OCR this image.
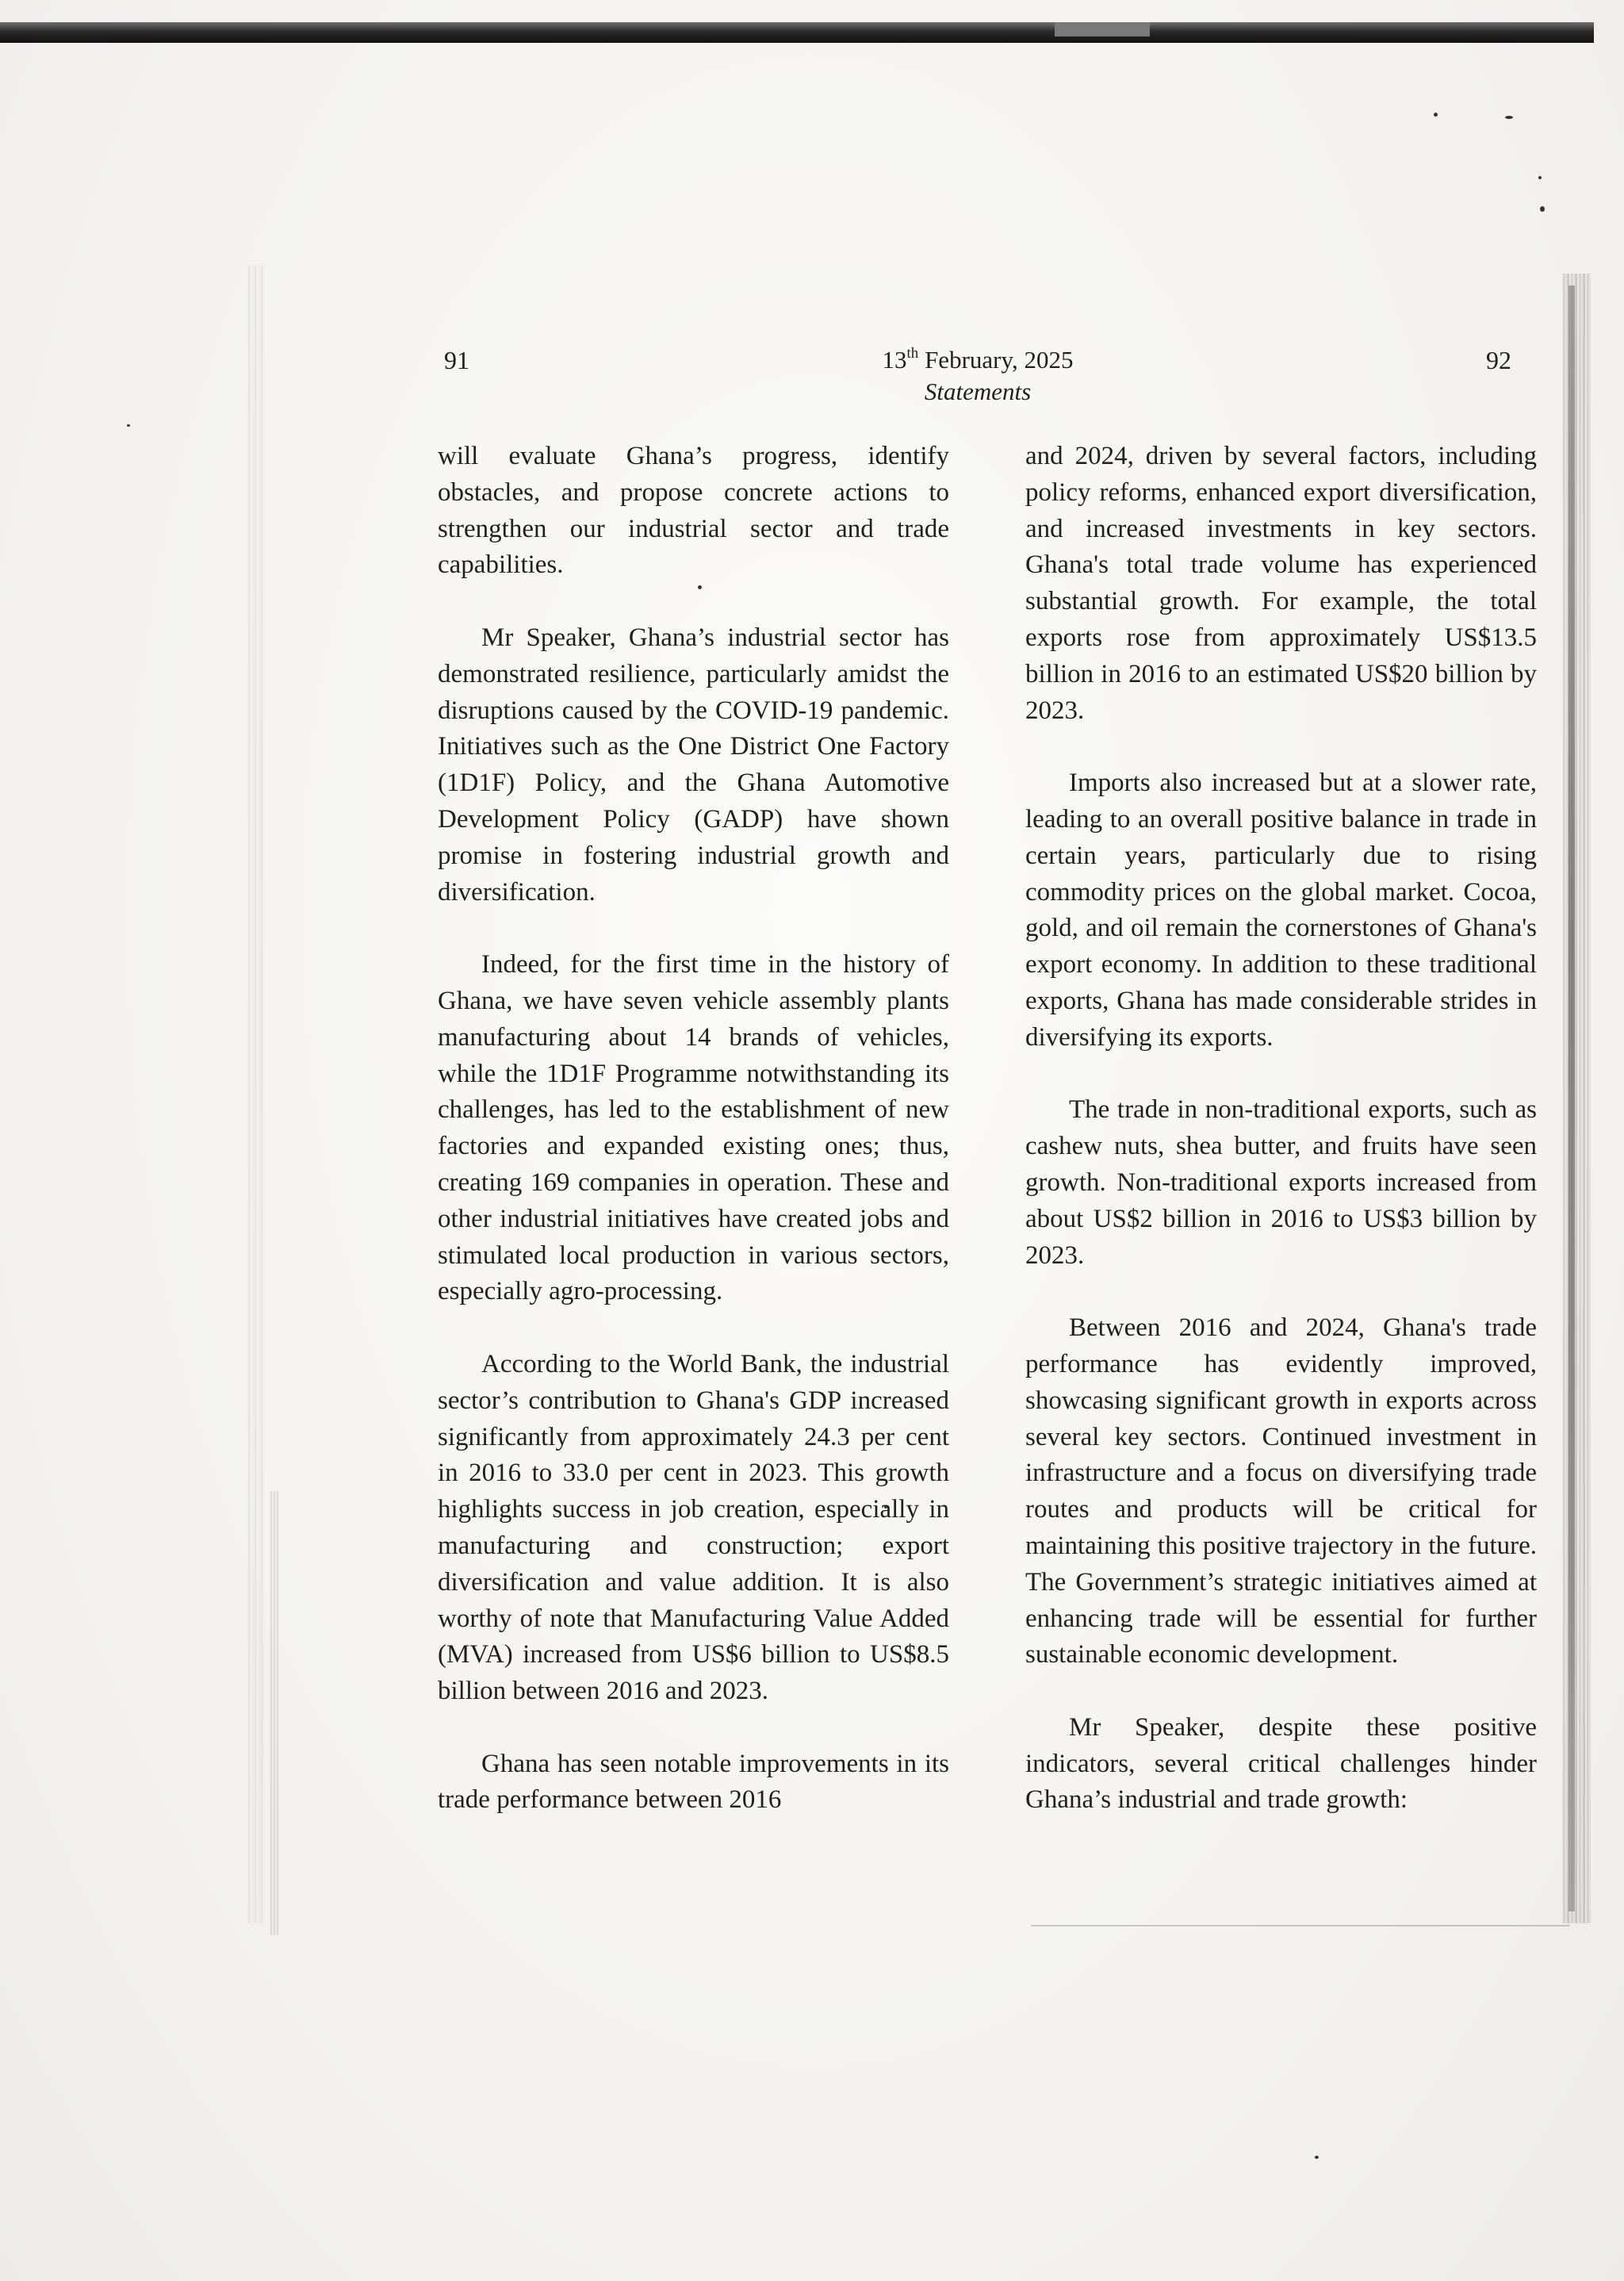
91	13th February, 2025
Statements
92

will evaluate Ghana’s progress, identify obstacles, and propose concrete actions to strengthen our industrial sector and trade capabilities.

Mr Speaker, Ghana’s industrial sector has demonstrated resilience, particularly amidst the disruptions caused by the COVID-19 pandemic. Initiatives such as the One District One Factory (1D1F) Policy, and the Ghana Automotive Development Policy (GADP) have shown promise in fostering industrial growth and diversification.

Indeed, for the first time in the history of Ghana, we have seven vehicle assembly plants manufacturing about 14 brands of vehicles, while the 1D1F Programme notwithstanding its challenges, has led to the establishment of new factories and expanded existing ones; thus, creating 169 companies in operation. These and other industrial initiatives have created jobs and stimulated local production in various sectors, especially agro-processing.

According to the World Bank, the industrial sector’s contribution to Ghana's GDP increased significantly from approximately 24.3 per cent in 2016 to 33.0 per cent in 2023. This growth highlights success in job creation, especially in manufacturing and construction; export diversification and value addition. It is also worthy of note that Manufacturing Value Added (MVA) increased from US$6 billion to US$8.5 billion between 2016 and 2023.

Ghana has seen notable improvements in its trade performance between 2016

and 2024, driven by several factors, including policy reforms, enhanced export diversification, and increased investments in key sectors. Ghana's total trade volume has experienced substantial growth. For example, the total exports rose from approximately US$13.5 billion in 2016 to an estimated US$20 billion by 2023.

Imports also increased but at a slower rate, leading to an overall positive balance in trade in certain years, particularly due to rising commodity prices on the global market. Cocoa, gold, and oil remain the cornerstones of Ghana's export economy. In addition to these traditional exports, Ghana has made considerable strides in diversifying its exports.

The trade in non-traditional exports, such as cashew nuts, shea butter, and fruits have seen growth. Non-traditional exports increased from about US$2 billion in 2016 to US$3 billion by 2023.

Between 2016 and 2024, Ghana's trade performance has evidently improved, showcasing significant growth in exports across several key sectors. Continued investment in infrastructure and a focus on diversifying trade routes and products will be critical for maintaining this positive trajectory in the future. The Government’s strategic initiatives aimed at enhancing trade will be essential for further sustainable economic development.

Mr Speaker, despite these positive indicators, several critical challenges hinder Ghana’s industrial and trade growth:
